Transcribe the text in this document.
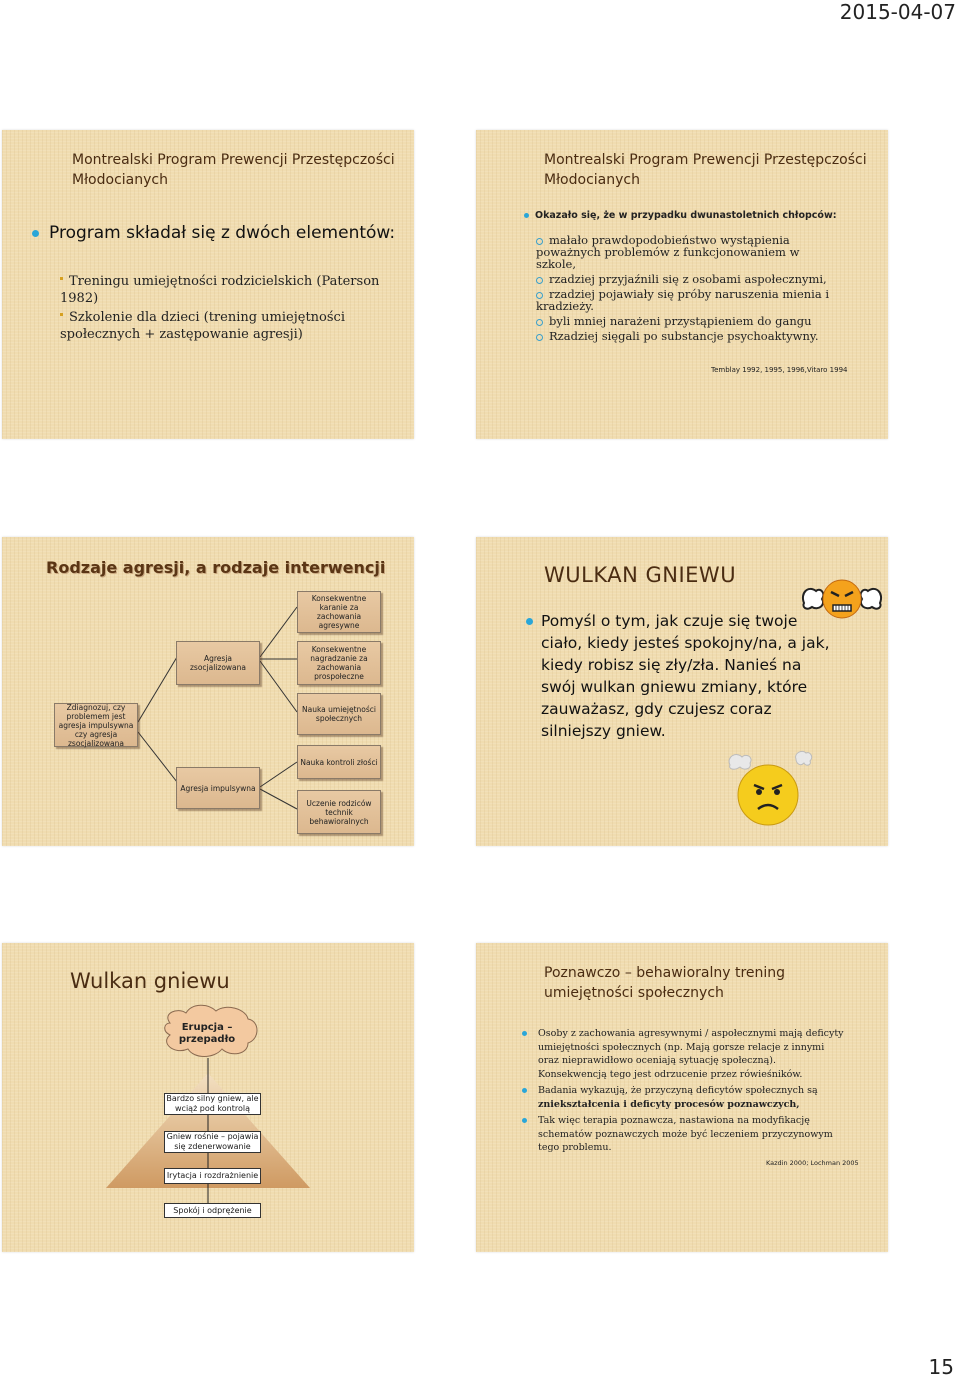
2015-04-07
Montrealski Program Prewencji Przestępczości Młodocianych
Program składał się z dwóch elementów:
Treningu umiejętności rodzicielskich (Paterson 1982)
Szkolenie dla dzieci (trening umiejętności społecznych + zastępowanie agresji)
Montrealski Program Prewencji Przestępczości Młodocianych
Okazało się, że w przypadku dwunastoletnich chłopców:
małało prawdopodobieństwo wystąpienia poważnych problemów z funkcjonowaniem w szkole,
rzadziej przyjaźnili się z osobami aspołecznymi,
rzadziej pojawiały się próby naruszenia mienia i kradzieży.
byli mniej narażeni przystąpieniem do gangu
Rzadziej sięgali po substancje psychoaktywny.
Temblay 1992, 1995, 1996,Vitaro 1994
Rodzaje agresji, a rodzaje interwencji
Zdiagnozuj, czy problemem jest agresja impulsywna czy agresja zsocjalizowana
Agresja zsocjalizowana
Agresja impulsywna
Konsekwentne karanie za zachowania agresywne
Konsekwentne nagradzanie za zachowania prospołeczne
Nauka umiejętności społecznych
Nauka kontroli złości
Uczenie rodziców technik behawioralnych
WULKAN GNIEWU
Pomyśl o tym, jak czuje się twoje ciało, kiedy jesteś spokojny/na, a jak, kiedy robisz się zły/zła. Nanieś na swój wulkan gniewu zmiany, które zauważasz, gdy czujesz coraz silniejszy gniew.
Wulkan gniewu
Erupcja – przepadło
Bardzo silny gniew, ale wciąż pod kontrolą
Gniew rośnie – pojawia się zdenerwowanie
Irytacja i rozdrażnienie
Spokój i odprężenie
Poznawczo – behawioralny trening umiejętności społecznych
Osoby z zachowania agresywnymi / aspołecznymi mają deficyty umiejętności społecznych (np. Mają gorsze relacje z innymi oraz nieprawidłowo oceniają sytuację społeczną). Konsekwencją tego jest odrzucenie przez rówieśników.
Badania wykazują, że przyczyną deficytów społecznych są
zniekształcenia i deficyty procesów poznawczych,
Tak więc terapia poznawcza, nastawiona na modyfikację schematów poznawczych może być leczeniem przyczynowym tego problemu.
Kazdin 2000; Lochman 2005
15
